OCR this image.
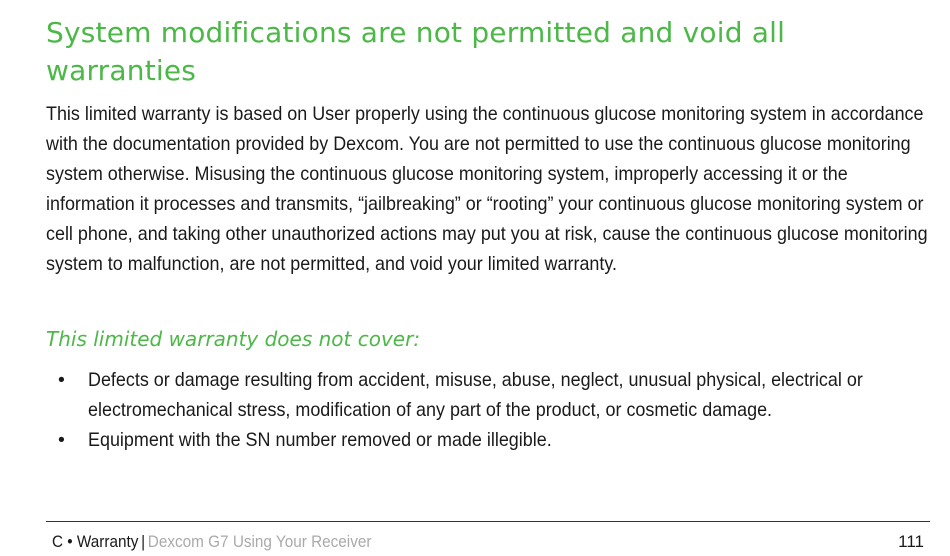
System modifications are not permitted and void all warranties

This limited warranty is based on User properly using the continuous glucose monitoring system in accordance with the documentation provided by Dexcom. You are not permitted to use the continuous glucose monitoring system otherwise. Misusing the continuous glucose monitoring system, improperly accessing it or the information it processes and transmits, “jailbreaking” or “rooting” your continuous glucose monitoring system or cell phone, and taking other unauthorized actions may put you at risk, cause the continuous glucose monitoring system to malfunction, are not permitted, and void your limited warranty.

This limited warranty does not cover:
• Defects or damage resulting from accident, misuse, abuse, neglect, unusual physical, electrical or electromechanical stress, modification of any part of the product, or cosmetic damage.
• Equipment with the SN number removed or made illegible.
C • Warranty | Dexcom G7 Using Your Receiver	111
